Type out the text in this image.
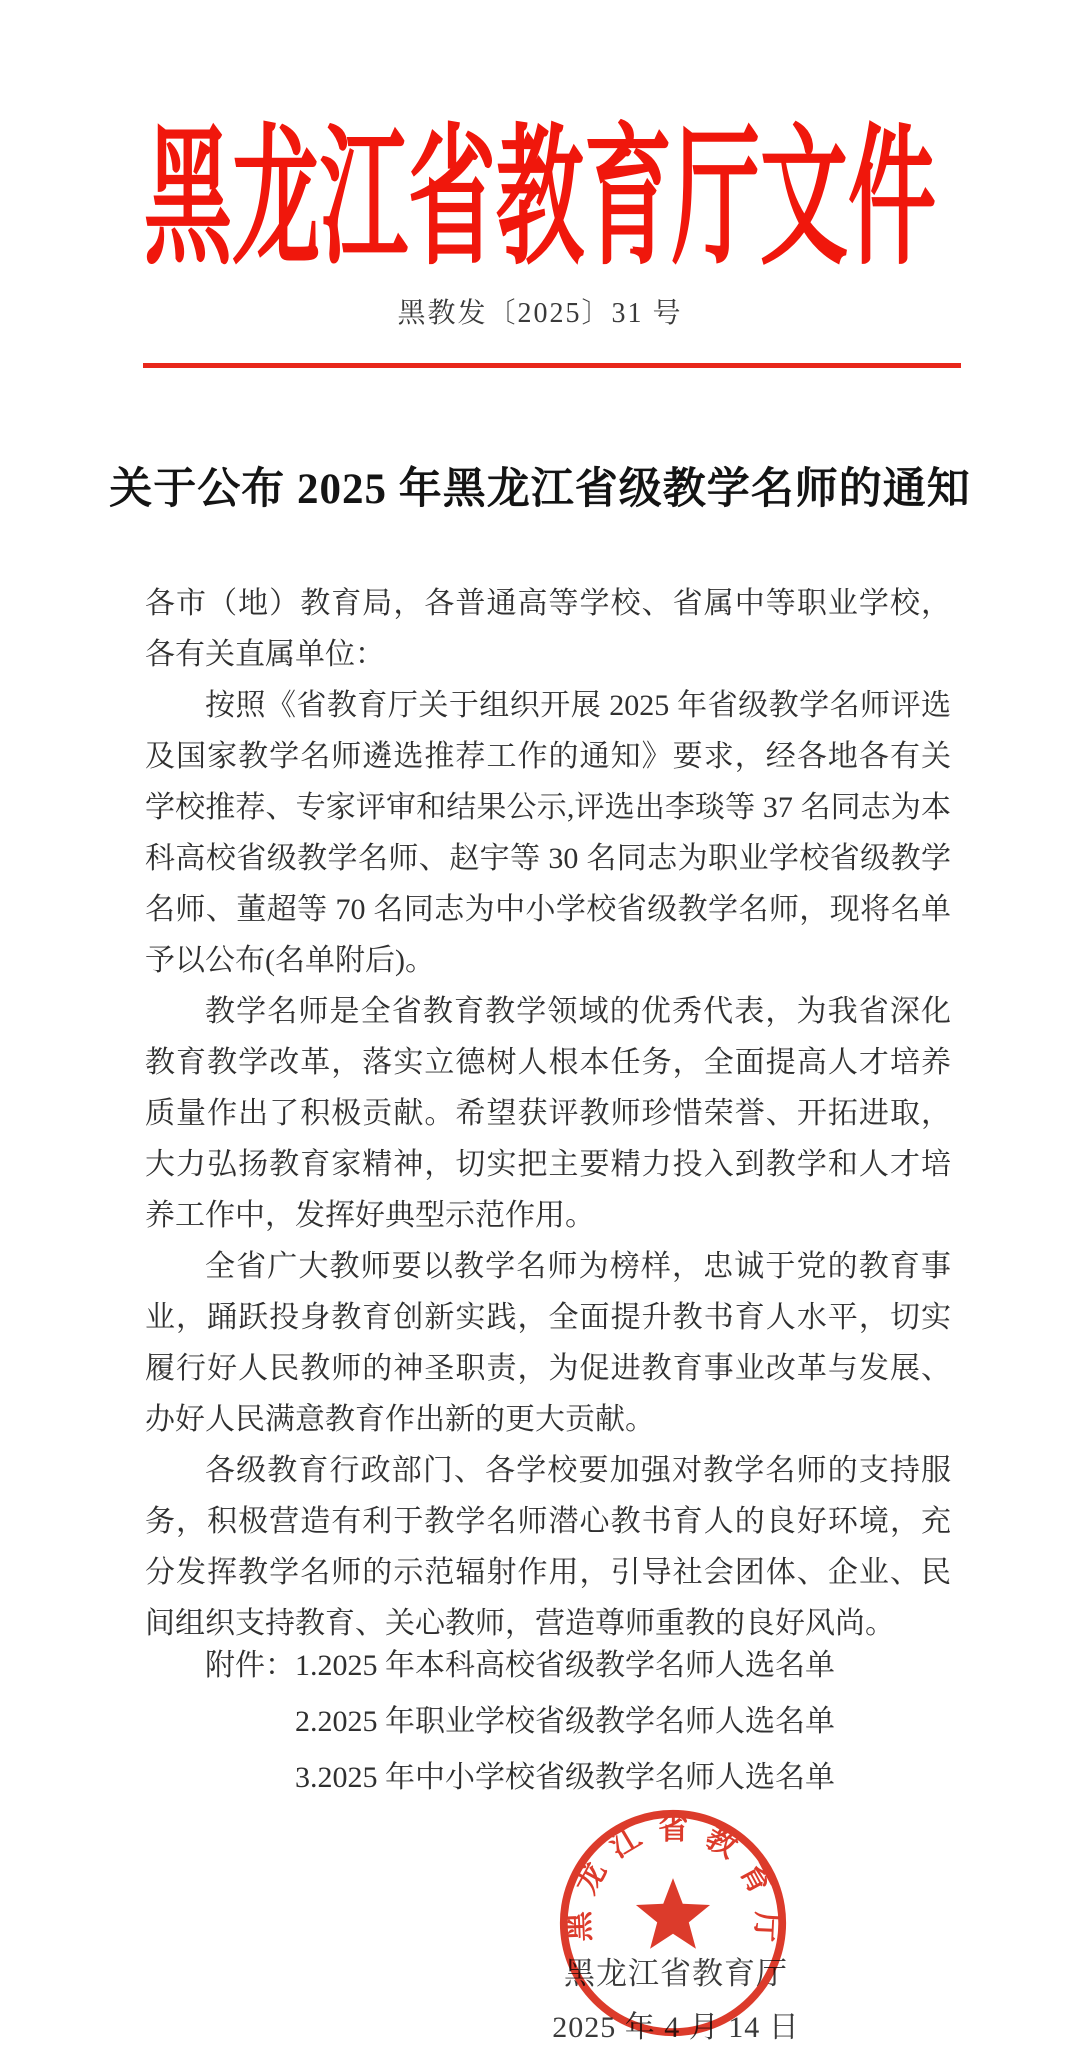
黑龙江省教育厅文件
黑教发〔2025〕31 号
关于公布 2025 年黑龙江省级教学名师的通知

各市（地）教育局，各普通高等学校、省属中等职业学校，各有关直属单位：

按照《省教育厅关于组织开展 2025 年省级教学名师评选及国家教学名师遴选推荐工作的通知》要求，经各地各有关学校推荐、专家评审和结果公示,评选出李琰等 37 名同志为本科高校省级教学名师、赵宇等 30 名同志为职业学校省级教学名师、董超等 70 名同志为中小学校省级教学名师，现将名单予以公布(名单附后)。

教学名师是全省教育教学领域的优秀代表，为我省深化教育教学改革，落实立德树人根本任务，全面提高人才培养质量作出了积极贡献。希望获评教师珍惜荣誉、开拓进取，大力弘扬教育家精神，切实把主要精力投入到教学和人才培养工作中，发挥好典型示范作用。

全省广大教师要以教学名师为榜样，忠诚于党的教育事业，踊跃投身教育创新实践，全面提升教书育人水平，切实履行好人民教师的神圣职责，为促进教育事业改革与发展、办好人民满意教育作出新的更大贡献。

各级教育行政部门、各学校要加强对教学名师的支持服务，积极营造有利于教学名师潜心教书育人的良好环境，充分发挥教学名师的示范辐射作用，引导社会团体、企业、民间组织支持教育、关心教师，营造尊师重教的良好风尚。

附件：1.2025 年本科高校省级教学名师人选名单
2.2025 年职业学校省级教学名师人选名单
3.2025 年中小学校省级教学名师人选名单
黑龙江省教育厅
2025 年 4 月 14 日
黑龙江省教育厅
